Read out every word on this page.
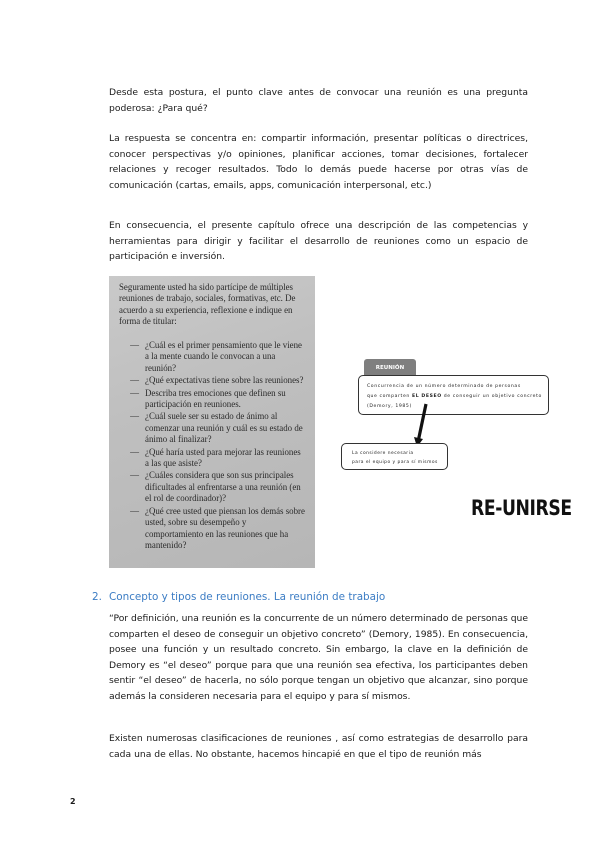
Desde esta postura, el punto clave antes de convocar una reunión es una pregunta poderosa: ¿Para qué?

La respuesta se concentra en: compartir información, presentar políticas o directrices, conocer perspectivas y/o opiniones, planificar acciones, tomar decisiones, fortalecer relaciones y recoger resultados. Todo lo demás puede hacerse por otras vías de comunicación (cartas, emails, apps, comunicación interpersonal, etc.)

En consecuencia, el presente capítulo ofrece una descripción de las competencias y herramientas para dirigir y facilitar el desarrollo de reuniones como un espacio de participación e inversión.

Seguramente usted ha sido partícipe de múltiples reuniones de trabajo, sociales, formativas, etc. De acuerdo a su experiencia, reflexione e indique en forma de titular:
— ¿Cuál es el primer pensamiento que le viene a la mente cuando le convocan a una reunión?
— ¿Qué expectativas tiene sobre las reuniones?
— Describa tres emociones que definen su participación en reuniones.
— ¿Cuál suele ser su estado de ánimo al comenzar una reunión y cuál es su estado de ánimo al finalizar?
— ¿Qué haría usted para mejorar las reuniones a las que asiste?
— ¿Cuáles considera que son sus principales dificultades al enfrentarse a una reunión (en el rol de coordinador)?
— ¿Qué cree usted que piensan los demás sobre usted, sobre su desempeño y comportamiento en las reuniones que ha mantenido?
REUNIÓN
Concurrencia de un número determinado de personas
que comparten EL DESEO de conseguir un objetivo concreto
(Demory, 1985)
La considere necesaria
para el equipo y para sí mismos
RE-UNIRSE
2. Concepto y tipos de reuniones. La reunión de trabajo

“Por definición, una reunión es la concurrente de un número determinado de personas que comparten el deseo de conseguir un objetivo concreto” (Demory, 1985). En consecuencia, posee una función y un resultado concreto. Sin embargo, la clave en la definición de Demory es “el deseo” porque para que una reunión sea efectiva, los participantes deben sentir “el deseo” de hacerla, no sólo porque tengan un objetivo que alcanzar, sino porque además la consideren necesaria para el equipo y para sí mismos.

Existen numerosas clasificaciones de reuniones , así como estrategias de desarrollo para cada una de ellas. No obstante, hacemos hincapié en que el tipo de reunión más

2
